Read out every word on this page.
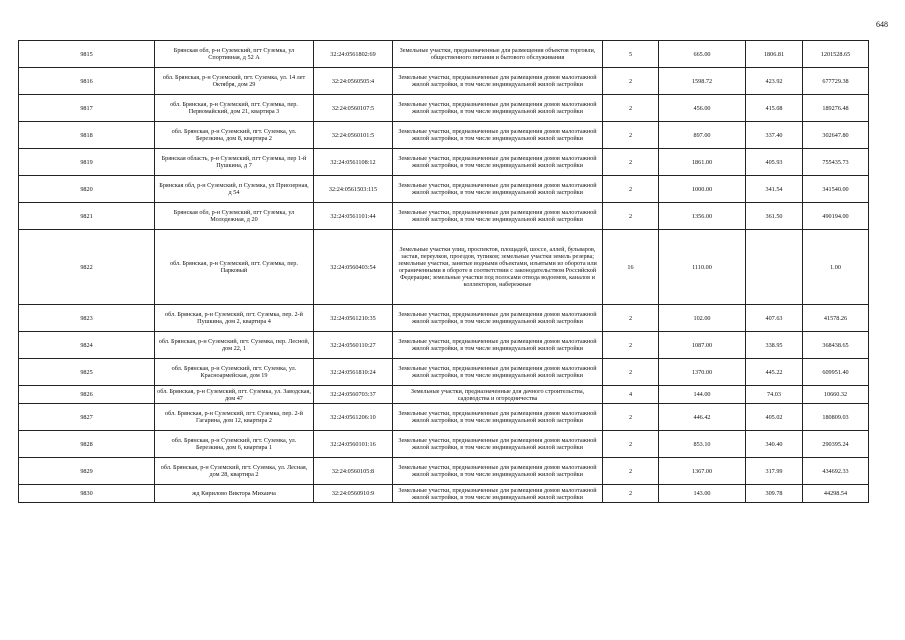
648
9815	Брянская обл, р-н Суземский, пгт Суземка, ул Спортивная, д 52 А	32:24:0561802:69	Земельные участки, предназначенные для размещения объектов торговли, общественного питания и бытового обслуживания	5	665.00	1806.81	1201528.65
9816	обл. Брянская, р-н Суземский, пгт. Суземка, ул. 14 лет Октября, дом 29	32:24:0560505:4	Земельные участки, предназначенные для размещения домов малоэтажной жилой застройки, в том числе индивидуальной жилой застройки	2	1598.72	423.92	677729.38
9817	обл. Брянская, р-н Суземский, пгт. Суземка, пер. Первомайский, дом 21, квартира 3	32:24:0560107:5	Земельные участки, предназначенные для размещения домов малоэтажной жилой застройки, в том числе индивидуальной жилой застройки	2	456.00	415.08	189276.48
9818	обл. Брянская, р-н Суземский, пгт. Суземка, ул. Березкина, дом 8, квартира 2	32:24:0560101:5	Земельные участки, предназначенные для размещения домов малоэтажной жилой застройки, в том числе индивидуальной жилой застройки	2	897.00	337.40	302647.80
9819	Брянская область, р-н Суземский, пгт Суземка, пер 1-й Пушкина, д 7	32:24:0561108:12	Земельные участки, предназначенные для размещения домов малоэтажной жилой застройки, в том числе индивидуальной жилой застройки	2	1861.00	405.93	755435.73
9820	Брянская обл, р-н Суземский, п Суземка, ул Приозерная, д 54	32:24:0561503:115	Земельные участки, предназначенные для размещения домов малоэтажной жилой застройки, в том числе индивидуальной жилой застройки	2	1000.00	341.54	341540.00
9821	Брянская обл, р-н Суземский, пгт Суземка, ул Молодежная, д 20	32:24:0561101:44	Земельные участки, предназначенные для размещения домов малоэтажной жилой застройки, в том числе индивидуальной жилой застройки	2	1356.00	361.50	490194.00
9822	обл. Брянская, р-н Суземский, пгт. Суземка, пер. Парковый	32:24:0560403:54	Земельные участки улиц, проспектов, площадей, шоссе, аллей, бульваров, застав, переулков, проездов, тупиков; земельные участки земель резерва; земельные участки, занятые водными объектами, изъятыми из оборота или ограниченными в обороте в соответствии с законодательством Российской Федерации; земельные участки под полосами отвода водоемов, каналов и коллекторов, набережные	16	1110.00		1.00
9823	обл. Брянская, р-н Суземский, пгт. Суземка, пер. 2-й Пушкина, дом 2, квартира 4	32:24:0561210:35	Земельные участки, предназначенные для размещения домов малоэтажной жилой застройки, в том числе индивидуальной жилой застройки	2	102.00	407.63	41578.26
9824	обл. Брянская, р-н Суземский, пгт. Суземка, пер. Лесной, дом 22, 1	32:24:0560110:27	Земельные участки, предназначенные для размещения домов малоэтажной жилой застройки, в том числе индивидуальной жилой застройки	2	1087.00	338.95	368438.65
9825	обл. Брянская, р-н Суземский, пгт. Суземка, ул. Красноармейская, дом 19	32:24:0561810:24	Земельные участки, предназначенные для размещения домов малоэтажной жилой застройки, в том числе индивидуальной жилой застройки	2	1370.00	445.22	609951.40
9826	обл. Брянская, р-н Суземский, пгт. Суземка, ул. Заводская, дом 47	32:24:0560703:37	Земельные участки, предназначенные для дачного строительства, садоводства и огородничества	4	144.00	74.03	10660.32
9827	обл. Брянская, р-н Суземский, пгт. Суземка, пер. 2-й Гагарина, дом 12, квартира 2	32:24:0561206:10	Земельные участки, предназначенные для размещения домов малоэтажной жилой застройки, в том числе индивидуальной жилой застройки	2	446.42	405.02	180809.03
9828	обл. Брянская, р-н Суземский, пгт. Суземка, ул. Березкина, дом 6, квартира 1	32:24:0560101:16	Земельные участки, предназначенные для размещения домов малоэтажной жилой застройки, в том числе индивидуальной жилой застройки	2	853.10	340.40	290395.24
9829	обл. Брянская, р-н Суземский, пгт. Суземка, ул. Лесная, дом 28, квартира 2	32:24:0560105:8	Земельные участки, предназначенные для размещения домов малоэтажной жилой застройки, в том числе индивидуальной жилой застройки	2	1367.00	317.99	434692.33
9830	жд Кирилово Виктора Михаича	32:24:0560910:9	Земельные участки, предназначенные для размещения домов малоэтажной жилой застройки, в том числе индивидуальной жилой застройки	2	143.00	309.78	44298.54
